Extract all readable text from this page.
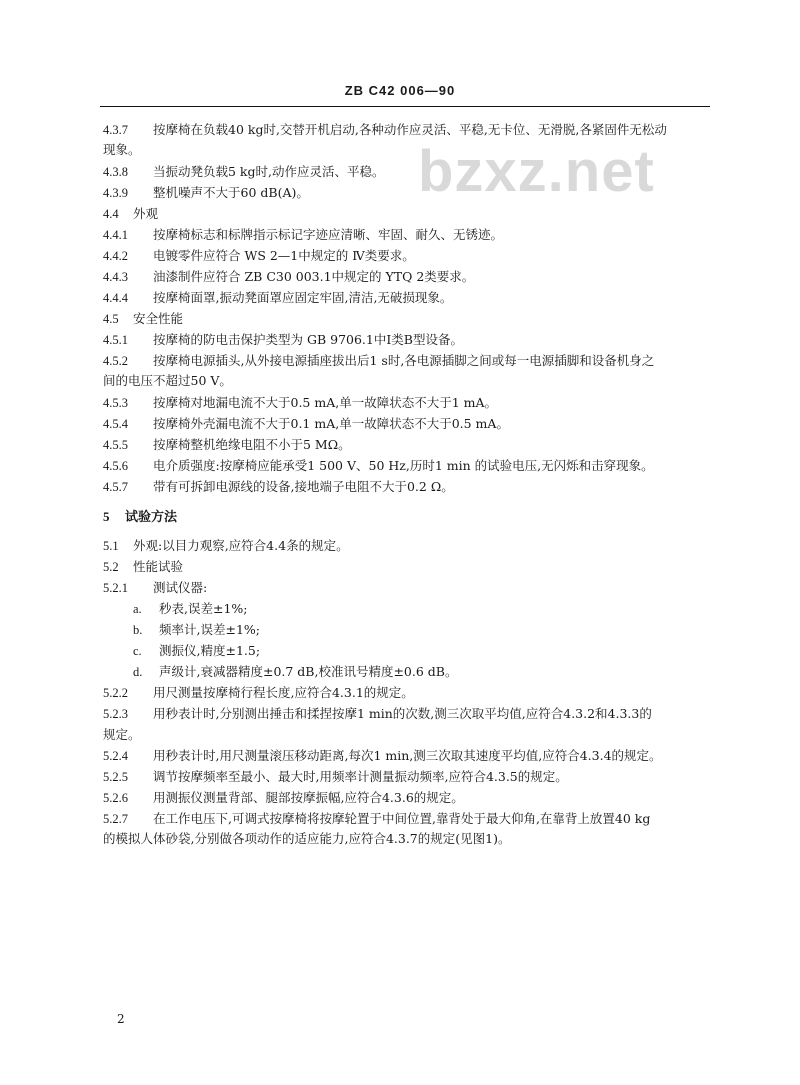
ZB C42 006—90
bzxz.net
4.3.7 按摩椅在负载40 kg时,交替开机启动,各种动作应灵活、平稳,无卡位、无滑脱,各紧固件无松动
现象。
4.3.8 当振动凳负载5 kg时,动作应灵活、平稳。
4.3.9 整机噪声不大于60 dB(A)。
4.4 外观
4.4.1 按摩椅标志和标牌指示标记字迹应清晰、牢固、耐久、无锈迹。
4.4.2 电镀零件应符合 WS 2—1中规定的 Ⅳ类要求。
4.4.3 油漆制件应符合 ZB C30 003.1中规定的 YTQ 2类要求。
4.4.4 按摩椅面罩,振动凳面罩应固定牢固,清洁,无破损现象。
4.5 安全性能
4.5.1 按摩椅的防电击保护类型为 GB 9706.1中Ⅰ类B型设备。
4.5.2 按摩椅电源插头,从外接电源插座拔出后1 s时,各电源插脚之间或每一电源插脚和设备机身之
间的电压不超过50 V。
4.5.3 按摩椅对地漏电流不大于0.5 mA,单一故障状态不大于1 mA。
4.5.4 按摩椅外壳漏电流不大于0.1 mA,单一故障状态不大于0.5 mA。
4.5.5 按摩椅整机绝缘电阻不小于5 MΩ。
4.5.6 电介质强度:按摩椅应能承受1 500 V、50 Hz,历时1 min 的试验电压,无闪烁和击穿现象。
4.5.7 带有可拆卸电源线的设备,接地端子电阻不大于0.2 Ω。
5 试验方法
5.1 外观:以目力观察,应符合4.4条的规定。
5.2 性能试验
5.2.1 测试仪器:
a. 秒表,误差±1%;
b. 频率计,误差±1%;
c. 测振仪,精度±1.5;
d. 声级计,衰减器精度±0.7 dB,校准讯号精度±0.6 dB。
5.2.2 用尺测量按摩椅行程长度,应符合4.3.1的规定。
5.2.3 用秒表计时,分别测出捶击和揉捏按摩1 min的次数,测三次取平均值,应符合4.3.2和4.3.3的
规定。
5.2.4 用秒表计时,用尺测量滚压移动距离,每次1 min,测三次取其速度平均值,应符合4.3.4的规定。
5.2.5 调节按摩频率至最小、最大时,用频率计测量振动频率,应符合4.3.5的规定。
5.2.6 用测振仪测量背部、腿部按摩振幅,应符合4.3.6的规定。
5.2.7 在工作电压下,可调式按摩椅将按摩轮置于中间位置,靠背处于最大仰角,在靠背上放置40 kg
的模拟人体砂袋,分别做各项动作的适应能力,应符合4.3.7的规定(见图1)。
2
